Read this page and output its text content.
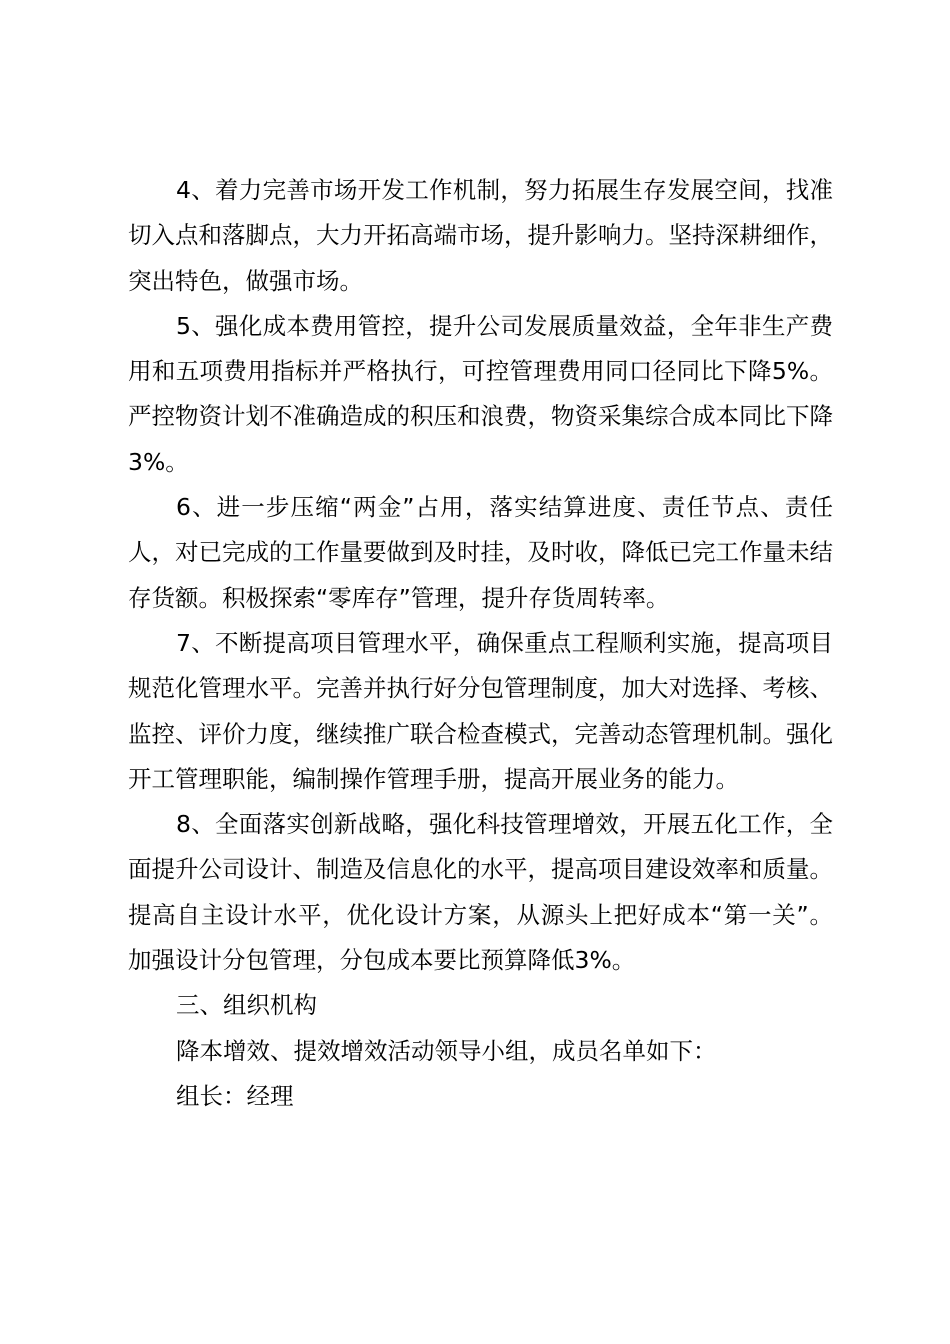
4、着力完善市场开发工作机制，努力拓展生存发展空间，找准切入点和落脚点，大力开拓高端市场，提升影响力。坚持深耕细作，突出特色，做强市场。

5、强化成本费用管控，提升公司发展质量效益，全年非生产费用和五项费用指标并严格执行，可控管理费用同口径同比下降5%。严控物资计划不准确造成的积压和浪费，物资采集综合成本同比下降3%。

6、进一步压缩“两金”占用，落实结算进度、责任节点、责任人，对已完成的工作量要做到及时挂，及时收，降低已完工作量未结存货额。积极探索“零库存”管理，提升存货周转率。

7、不断提高项目管理水平，确保重点工程顺利实施，提高项目规范化管理水平。完善并执行好分包管理制度，加大对选择、考核、监控、评价力度，继续推广联合检查模式，完善动态管理机制。强化开工管理职能，编制操作管理手册，提高开展业务的能力。

8、全面落实创新战略，强化科技管理增效，开展五化工作，全面提升公司设计、制造及信息化的水平，提高项目建设效率和质量。提高自主设计水平，优化设计方案，从源头上把好成本“第一关”。加强设计分包管理，分包成本要比预算降低3%。

三、组织机构

降本增效、提效增效活动领导小组，成员名单如下：

组长：经理
